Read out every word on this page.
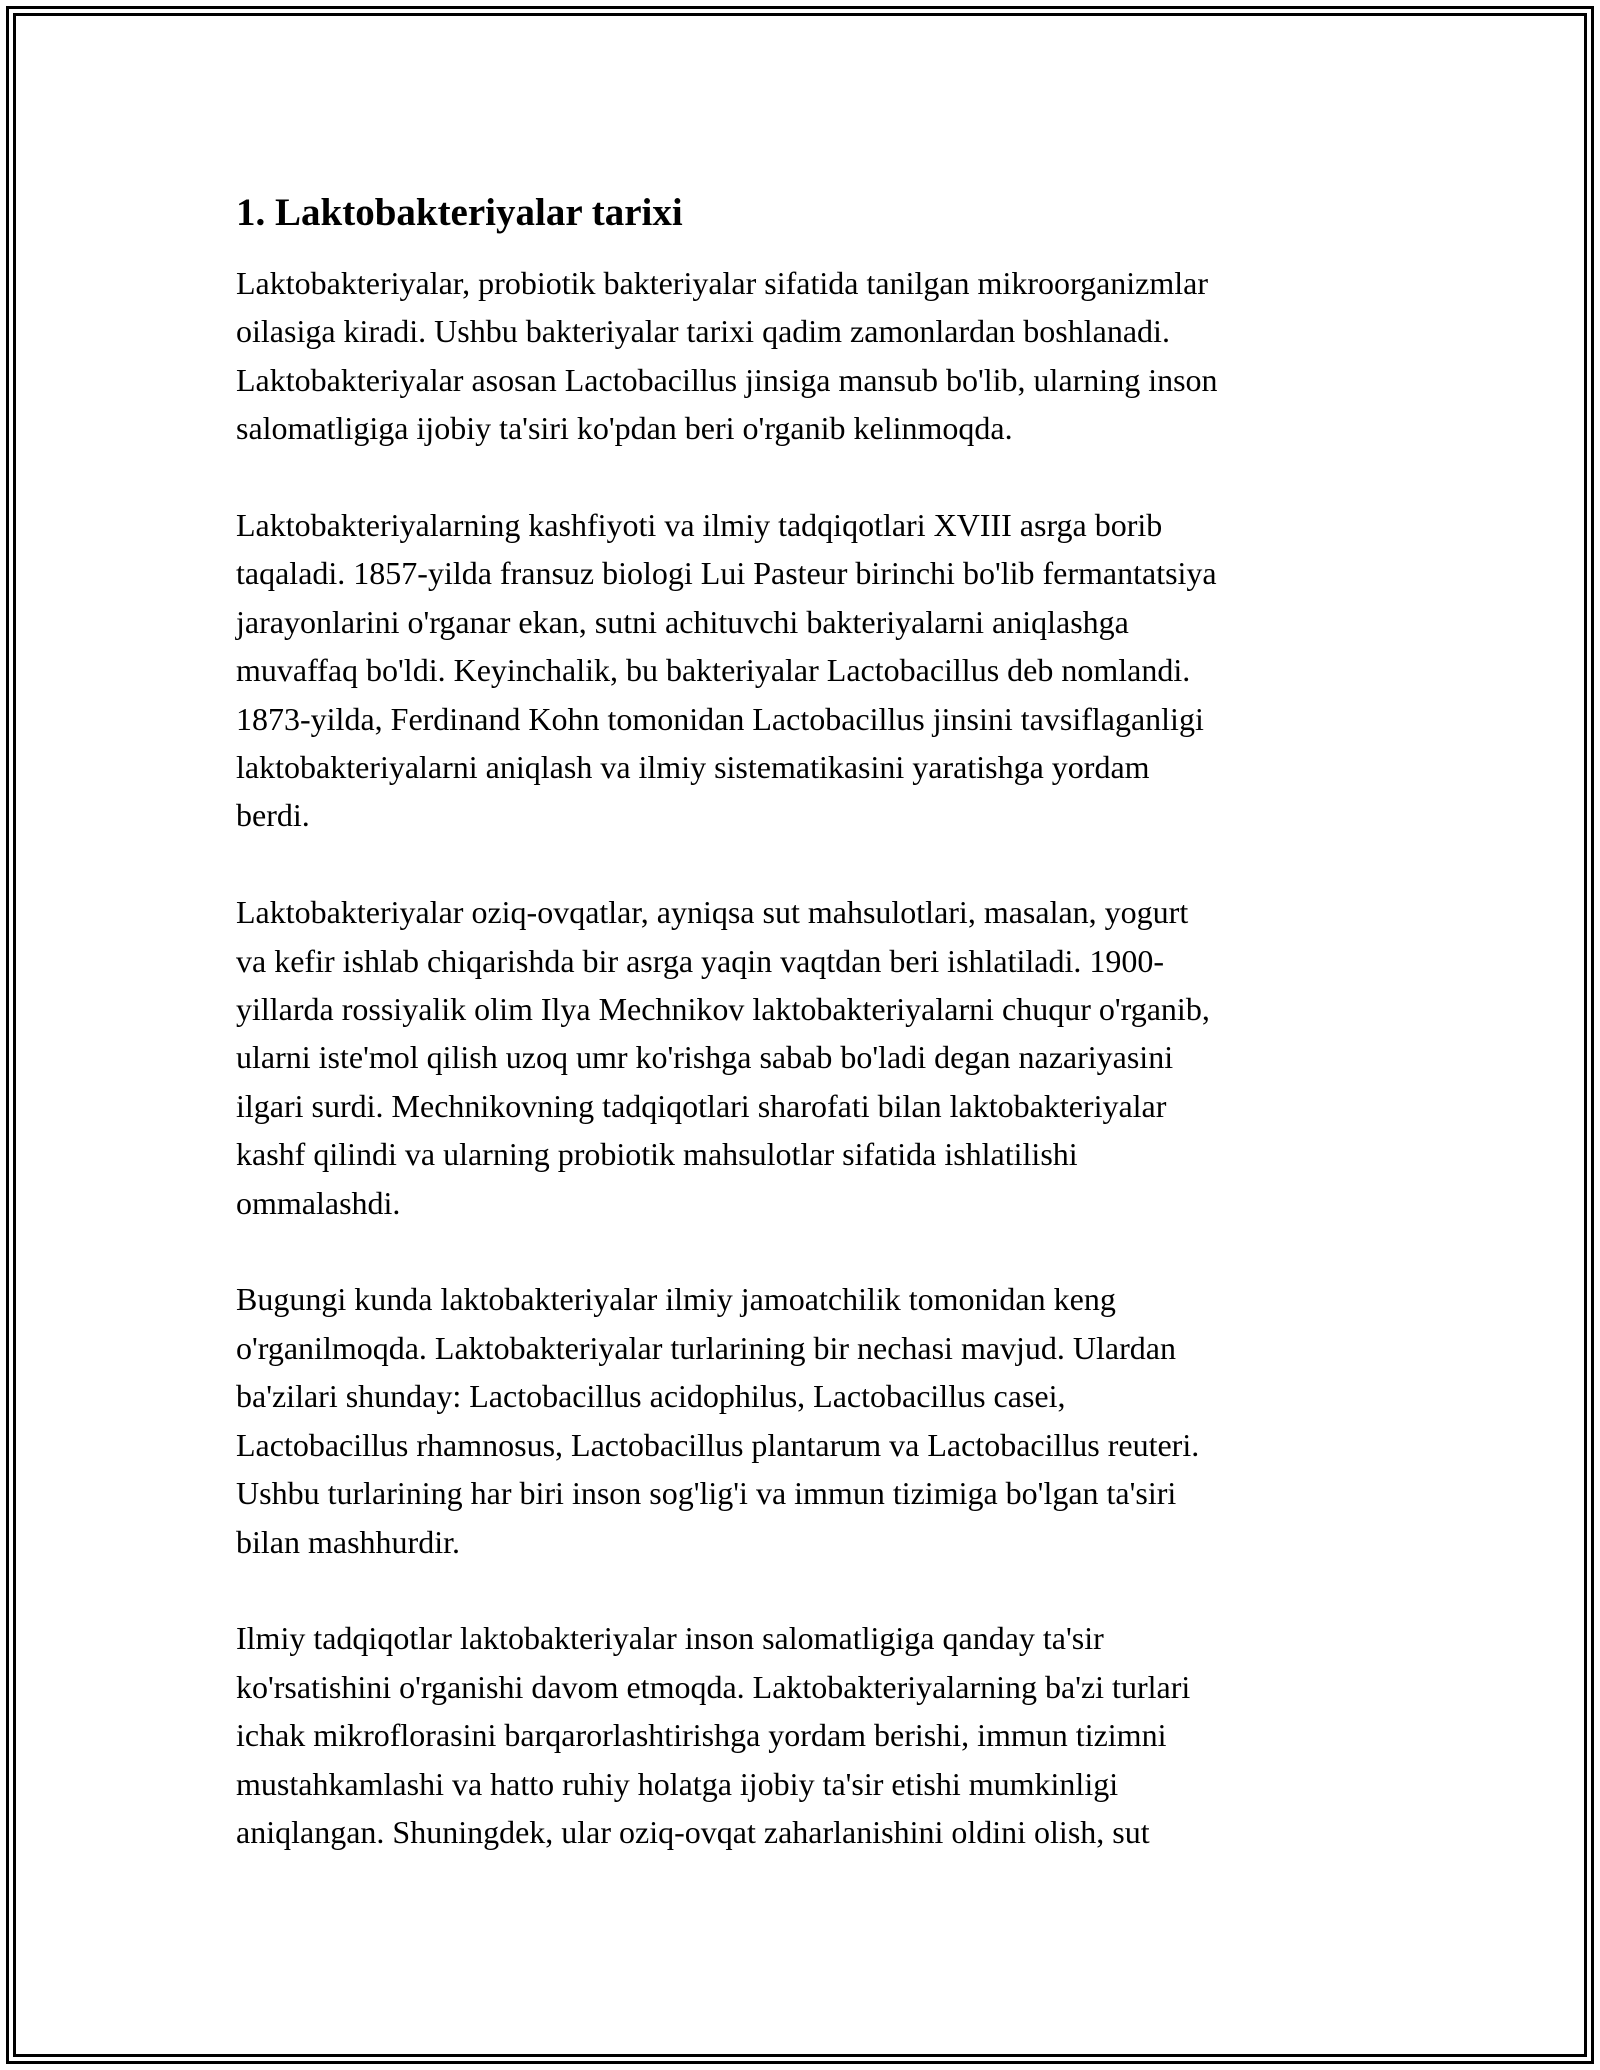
1. Laktobakteriyalar tarixi

Laktobakteriyalar, probiotik bakteriyalar sifatida tanilgan mikroorganizmlar
oilasiga kiradi. Ushbu bakteriyalar tarixi qadim zamonlardan boshlanadi.
Laktobakteriyalar asosan Lactobacillus jinsiga mansub bo'lib, ularning inson
salomatligiga ijobiy ta'siri ko'pdan beri o'rganib kelinmoqda.

Laktobakteriyalarning kashfiyoti va ilmiy tadqiqotlari XVIII asrga borib
taqaladi. 1857-yilda fransuz biologi Lui Pasteur birinchi bo'lib fermantatsiya
jarayonlarini o'rganar ekan, sutni achituvchi bakteriyalarni aniqlashga
muvaffaq bo'ldi. Keyinchalik, bu bakteriyalar Lactobacillus deb nomlandi.
1873-yilda, Ferdinand Kohn tomonidan Lactobacillus jinsini tavsiflaganligi
laktobakteriyalarni aniqlash va ilmiy sistematikasini yaratishga yordam
berdi.

Laktobakteriyalar oziq-ovqatlar, ayniqsa sut mahsulotlari, masalan, yogurt
va kefir ishlab chiqarishda bir asrga yaqin vaqtdan beri ishlatiladi. 1900-
yillarda rossiyalik olim Ilya Mechnikov laktobakteriyalarni chuqur o'rganib,
ularni iste'mol qilish uzoq umr ko'rishga sabab bo'ladi degan nazariyasini
ilgari surdi. Mechnikovning tadqiqotlari sharofati bilan laktobakteriyalar
kashf qilindi va ularning probiotik mahsulotlar sifatida ishlatilishi
ommalashdi.

Bugungi kunda laktobakteriyalar ilmiy jamoatchilik tomonidan keng
o'rganilmoqda. Laktobakteriyalar turlarining bir nechasi mavjud. Ulardan
ba'zilari shunday: Lactobacillus acidophilus, Lactobacillus casei,
Lactobacillus rhamnosus, Lactobacillus plantarum va Lactobacillus reuteri.
Ushbu turlarining har biri inson sog'lig'i va immun tizimiga bo'lgan ta'siri
bilan mashhurdir.

Ilmiy tadqiqotlar laktobakteriyalar inson salomatligiga qanday ta'sir
ko'rsatishini o'rganishi davom etmoqda. Laktobakteriyalarning ba'zi turlari
ichak mikroflorasini barqarorlashtirishga yordam berishi, immun tizimni
mustahkamlashi va hatto ruhiy holatga ijobiy ta'sir etishi mumkinligi
aniqlangan. Shuningdek, ular oziq-ovqat zaharlanishini oldini olish, sut
